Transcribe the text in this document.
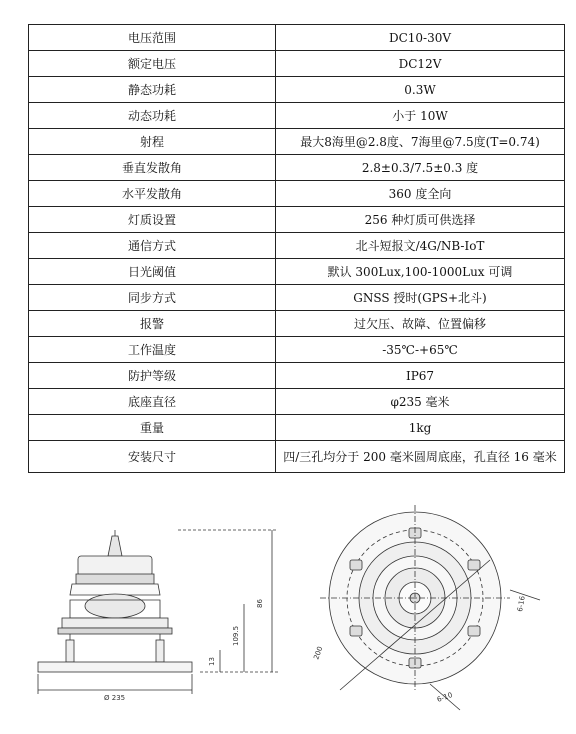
电压范围	DC10-30V
额定电压	DC12V
静态功耗	0.3W
动态功耗	小于 10W
射程	最大8海里@2.8度、7海里@7.5度(T=0.74)
垂直发散角	2.8±0.3/7.5±0.3 度
水平发散角	360 度全向
灯质设置	256 种灯质可供选择
通信方式	北斗短报文/4G/NB-IoT
日光阈值	默认 300Lux,100-1000Lux 可调
同步方式	GNSS 授时(GPS+北斗)
报警	过欠压、故障、位置偏移
工作温度	-35℃-+65℃
防护等级	IP67
底座直径	φ235 毫米
重量	1kg
安装尺寸	四/三孔均分于 200 毫米圆周底座，孔直径 16 毫米
Ø 235
86
109.5
13
200
6-16
6-10
